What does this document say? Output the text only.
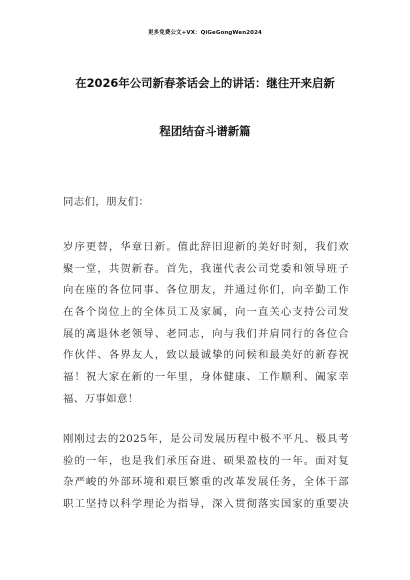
更多免费公文+VX：QiGeGongWen2024
在2026年公司新春茶话会上的讲话：继往开来启新
程团结奋斗谱新篇
同志们，朋友们：
岁序更替，华章日新。值此辞旧迎新的美好时刻，我们欢
聚一堂，共贺新春。首先，我谨代表公司党委和领导班子
向在座的各位同事、各位朋友，并通过你们，向辛勤工作
在各个岗位上的全体员工及家属，向一直关心支持公司发
展的离退休老领导、老同志，向与我们并肩同行的各位合
作伙伴、各界友人，致以最诚挚的问候和最美好的新春祝
福！祝大家在新的一年里，身体健康、工作顺利、阖家幸
福、万事如意！
刚刚过去的2025年，是公司发展历程中极不平凡、极具考
验的一年，也是我们承压奋进、硕果盈枝的一年。面对复
杂严峻的外部环境和艰巨繁重的改革发展任务，全体干部
职工坚持以科学理论为指导，深入贯彻落实国家的重要决
